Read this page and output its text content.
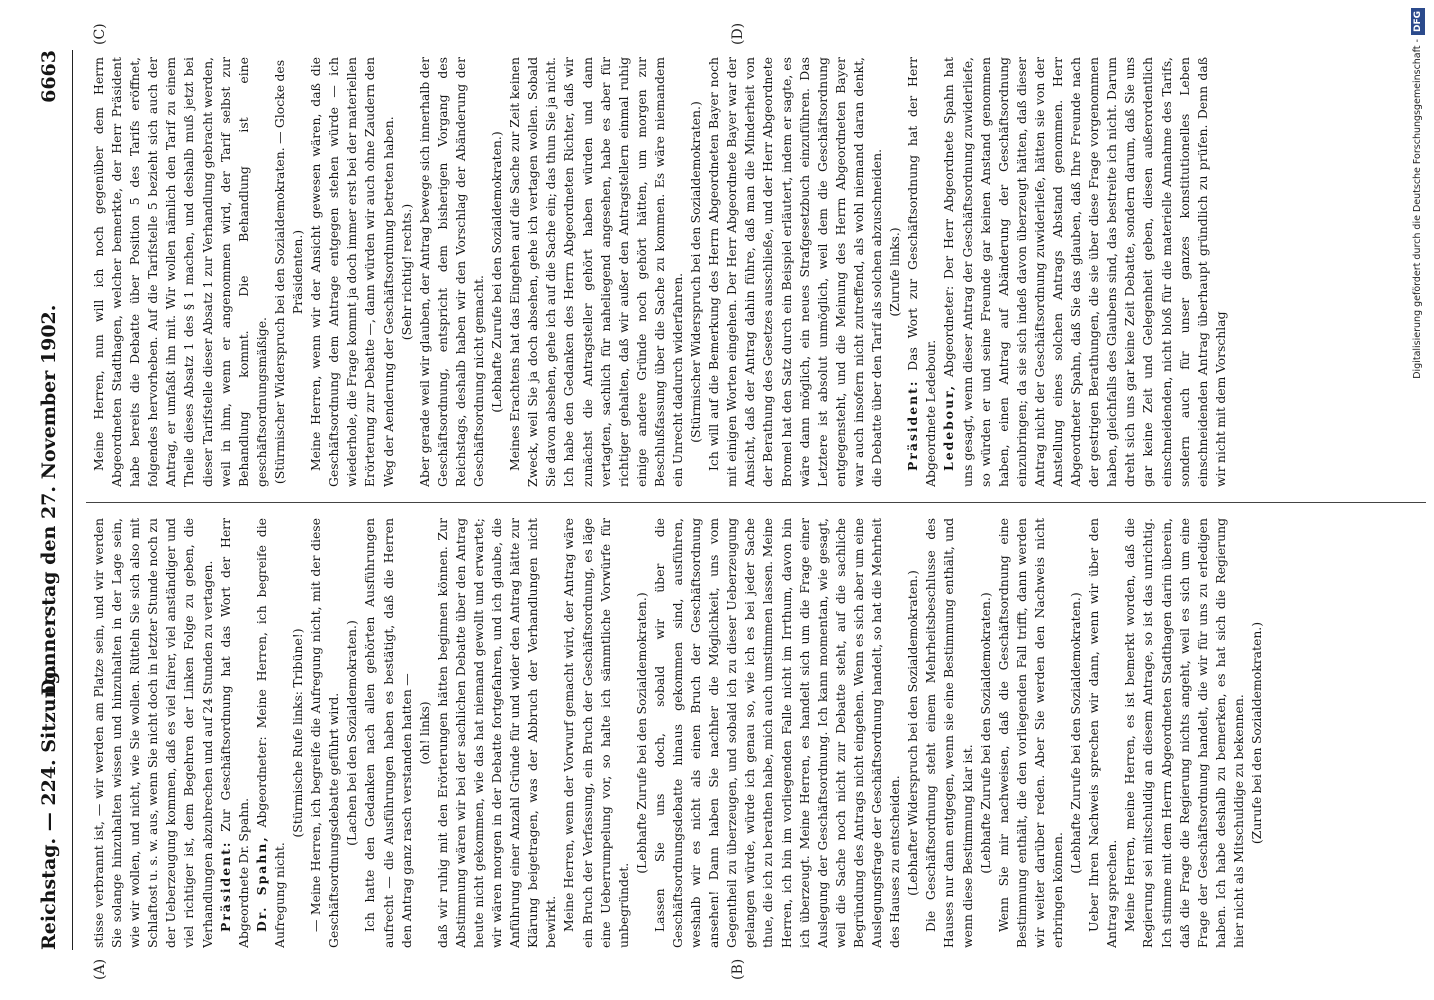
Reichstag. — 224. Sitzung.
Donnerstag den 27. November 1902.
6663
(A)	(B)
(C)	(D)

stisse verbrannt ist, — wir werden am Platze sein, und wir werden Sie solange hinzuhalten wissen und hinzuhalten in der Lage sein, wie wir wollen, und nicht, wie Sie wollen. Rütteln Sie sich also mit Schlaftost u. s. w. aus, wenn Sie nicht doch in letzter Stunde noch zu der Ueberzeugung kommen, daß es viel fairer, viel anständiger und viel richtiger ist, dem Begehren der Linken Folge zu geben, die Verhandlungen abzubrechen und auf 24 Stunden zu vertagen. Präsident: Zur Geschäftsordnung hat das Wort der Herr Abgeordnete Dr. Spahn. Dr. Spahn, Abgeordneter: Meine Herren, ich begreife die Aufregung nicht.

(Stürmische Rufe links: Tribüne!) — Meine Herren, ich begreife die Aufregung nicht, mit der diese Geschäftsordnungsdebatte geführt wird. (Lachen bei den Sozialdemokraten.) Ich hatte den Gedanken nach allen gehörten Ausführungen aufrecht — die Ausführungen haben es bestätigt, daß die Herren den Antrag ganz rasch verstanden hatten — (oh! links) daß wir ruhig mit den Erörterungen hätten beginnen können. Zur Abstimmung wären wir bei der sachlichen Debatte über den Antrag heute nicht gekommen, wie das hat niemand gewollt und erwartet; wir wären morgen in der Debatte fortgefahren, und ich glaube, die Anführung einer Anzahl Gründe für und wider den Antrag hätte zur Klärung beigetragen, was der Abbruch der Verhandlungen nicht bewirkt. Meine Herren, wenn der Vorwurf gemacht wird, der Antrag wäre ein Bruch der Verfassung, ein Bruch der Geschäftsordnung, es läge eine Ueberrumpelung vor, so halte ich sämmtliche Vorwürfe für unbegründet.

(Lebhafte Zurufe bei den Sozialdemokraten.) Lassen Sie uns doch, sobald wir über die Geschäftsordnungsdebatte hinaus gekommen sind, ausführen, weshalb wir es nicht als einen Bruch der Geschäftsordnung ansehen! Dann haben Sie nachher die Möglichkeit, uns vom Gegentheil zu überzeugen, und sobald ich zu dieser Ueberzeugung gelangen würde, würde ich genau so, wie ich es bei jeder Sache thue, die ich zu berathen habe, mich auch umstimmen lassen. Meine Herren, ich bin im vorliegenden Falle nicht im Irrthum, davon bin ich überzeugt. Meine Herren, es handelt sich um die Frage einer Auslegung der Geschäftsordnung. Ich kann momentan, wie gesagt, weil die Sache noch nicht zur Debatte steht, auf die sachliche Begründung des Antrags nicht eingehen. Wenn es sich aber um eine Auslegungsfrage der Geschäftsordnung handelt, so hat die Mehrheit des Hauses zu entscheiden. (Lebhafter Widerspruch bei den Sozialdemokraten.) Die Geschäftsordnung steht einem Mehrheitsbeschlusse des Hauses nur dann entgegen, wenn sie eine Bestimmung enthält, und wenn diese Bestimmung klar ist. (Lebhafte Zurufe bei den Sozialdemokraten.) Wenn Sie mir nachweisen, daß die Geschäftsordnung eine Bestimmung enthält, die den vorliegenden Fall trifft, dann werden wir weiter darüber reden. Aber Sie werden den Nachweis nicht erbringen können.

(Lebhafte Zurufe bei den Sozialdemokraten.) Ueber Ihren Nachweis sprechen wir dann, wenn wir über den Antrag sprechen. Meine Herren, meine Herren, es ist bemerkt worden, daß die Regierung sei mitschuldig an diesem Antrage, so ist das unrichtig. Ich stimme mit dem Herrn Abgeordneten Stadthagen darin überein, daß die Frage die Regierung nichts angeht, weil es sich um eine Frage der Geschäftsordnung handelt, die wir für uns zu erledigen haben. Ich habe deshalb zu bemerken, es hat sich die Regierung hier nicht als Mitschuldige zu bekennen. (Zurufe bei den Sozialdemokraten.)

Meine Herren, nun will ich noch gegenüber dem Herrn Abgeordneten Stadthagen, welcher bemerkte, der Herr Präsident habe bereits die Debatte über Position 5 des Tarifs eröffnet, folgendes hervorheben. Auf die Tarifstelle 5 bezieht sich auch der Antrag, er umfaßt ihn mit. Wir wollen nämlich den Tarif zu einem Theile dieses Absatz 1 des § 1 machen, und deshalb muß jetzt bei dieser Tarifstelle dieser Absatz 1 zur Verhandlung gebracht werden, weil in ihm, wenn er angenommen wird, der Tarif selbst zur Behandlung kommt. Die Behandlung ist eine geschäftsordnungsmäßige. (Stürmischer Widerspruch bei den Sozialdemokraten. — Glocke des Präsidenten.) Meine Herren, wenn wir der Ansicht gewesen wären, daß die Geschäftsordnung dem Antrage entgegen stehen würde — ich wiederhole, die Frage kommt ja doch immer erst bei der materiellen Erörterung zur Debatte —, dann würden wir auch ohne Zaudern den Weg der Aenderung der Geschäftsordnung betreten haben. (Sehr richtig! rechts.) Aber gerade weil wir glauben, der Antrag bewege sich innerhalb der Geschäftsordnung, entspricht dem bisherigen Vorgang des Reichstags, deshalb haben wir den Vorschlag der Abänderung der Geschäftsordnung nicht gemacht. (Lebhafte Zurufe bei den Sozialdemokraten.) Meines Erachtens hat das Eingehen auf die Sache zur Zeit keinen Zweck, weil Sie ja doch absehen, gehe ich vertagen wollen. Sobald Sie davon absehen, gehe ich auf die Sache ein; das thun Sie ja nicht. Ich habe den Gedanken des Herrn Abgeordneten Richter, daß wir zunächst die Antragsteller gehört haben würden und dann vertagten, sachlich für naheliegend angesehen, habe es aber für richtiger gehalten, daß wir außer den Antragstellern einmal ruhig einige andere Gründe noch gehört hätten, um morgen zur Beschlußfassung über die Sache zu kommen. Es wäre niemandem ein Unrecht dadurch widerfahren. (Stürmischer Widerspruch bei den Sozialdemokraten.) Ich will auf die Bemerkung des Herrn Abgeordneten Bayer noch mit einigen Worten eingehen. Der Herr Abgeordnete Bayer war der Ansicht, daß der Antrag dahin führe, daß man die Minderheit von der Berathung des Gesetzes ausschließe, und der Herr Abgeordnete Bromel hat den Satz durch ein Beispiel erläutert, indem er sagte, es wäre dann möglich, ein neues Strafgesetzbuch einzuführen. Das Letztere ist absolut unmöglich, weil dem die Geschäftsordnung entgegensteht, und die Meinung des Herrn Abgeordneten Bayer war auch insofern nicht zutreffend, als wohl niemand daran denkt, die Debatte über den Tarif als solchen abzuschneiden. (Zurufe links.)

Präsident: Das Wort zur Geschäftsordnung hat der Herr Abgeordnete Ledebour. Ledebour, Abgeordneter: Der Herr Abgeordnete Spahn hat uns gesagt, wenn dieser Antrag der Geschäftsordnung zuwiderliefe, so würden er und seine Freunde gar keinen Anstand genommen haben, einen Antrag auf Abänderung der Geschäftsordnung einzubringen; da sie sich indeß davon überzeugt hätten, daß dieser Antrag nicht der Geschäftsordnung zuwiderliefe, hätten sie von der Anstellung eines solchen Antrags Abstand genommen. Herr Abgeordneter Spahn, daß Sie das glauben, daß Ihre Freunde nach der gestrigen Berathungen, die sie über diese Frage vorgenommen haben, gleichfalls des Glaubens sind, das bestreite ich nicht. Darum dreht sich uns gar keine Zeit Debatte, sondern darum, daß Sie uns gar keine Zeit und Gelegenheit geben, diesen außerordentlich einschneidenden, nicht bloß für die materielle Annahme des Tarifs, sondern auch für unser ganzes konstitutionelles Leben einschneidenden Antrag überhaupt gründlich zu prüfen. Denn daß wir nicht mit dem Vorschlag

Digitalisierung gefördert durch die Deutsche Forschungsgemeinschaft -DFG
